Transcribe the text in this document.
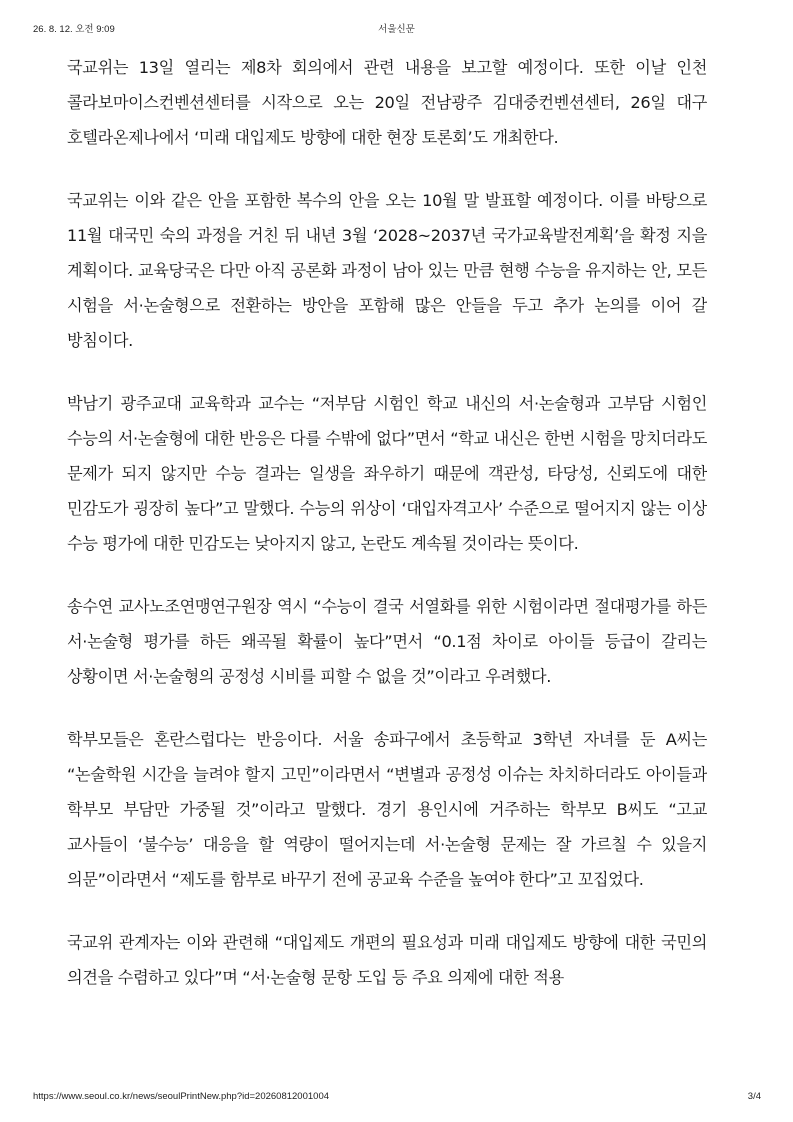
26. 8. 12. 오전 9:09	서울신문

국교위는 13일 열리는 제8차 회의에서 관련 내용을 보고할 예정이다. 또한 이날 인천 콜라보마이스컨벤션센터를 시작으로 오는 20일 전남광주 김대중컨벤션센터, 26일 대구 호텔라온제나에서 ‘미래 대입제도 방향에 대한 현장 토론회’도 개최한다.

국교위는 이와 같은 안을 포함한 복수의 안을 오는 10월 말 발표할 예정이다. 이를 바탕으로 11월 대국민 숙의 과정을 거친 뒤 내년 3월 ‘2028~2037년 국가교육발전계획’을 확정 지을 계획이다. 교육당국은 다만 아직 공론화 과정이 남아 있는 만큼 현행 수능을 유지하는 안, 모든 시험을 서·논술형으로 전환하는 방안을 포함해 많은 안들을 두고 추가 논의를 이어 갈 방침이다.

박남기 광주교대 교육학과 교수는 “저부담 시험인 학교 내신의 서·논술형과 고부담 시험인 수능의 서·논술형에 대한 반응은 다를 수밖에 없다”면서 “학교 내신은 한번 시험을 망치더라도 문제가 되지 않지만 수능 결과는 일생을 좌우하기 때문에 객관성, 타당성, 신뢰도에 대한 민감도가 굉장히 높다”고 말했다. 수능의 위상이 ‘대입자격고사’ 수준으로 떨어지지 않는 이상 수능 평가에 대한 민감도는 낮아지지 않고, 논란도 계속될 것이라는 뜻이다.

송수연 교사노조연맹연구원장 역시 “수능이 결국 서열화를 위한 시험이라면 절대평가를 하든 서·논술형 평가를 하든 왜곡될 확률이 높다”면서 “0.1점 차이로 아이들 등급이 갈리는 상황이면 서·논술형의 공정성 시비를 피할 수 없을 것”이라고 우려했다.

학부모들은 혼란스럽다는 반응이다. 서울 송파구에서 초등학교 3학년 자녀를 둔 A씨는 “논술학원 시간을 늘려야 할지 고민”이라면서 “변별과 공정성 이슈는 차치하더라도 아이들과 학부모 부담만 가중될 것”이라고 말했다. 경기 용인시에 거주하는 학부모 B씨도 “고교 교사들이 ‘불수능’ 대응을 할 역량이 떨어지는데 서·논술형 문제는 잘 가르칠 수 있을지 의문”이라면서 “제도를 함부로 바꾸기 전에 공교육 수준을 높여야 한다”고 꼬집었다.

국교위 관계자는 이와 관련해 “대입제도 개편의 필요성과 미래 대입제도 방향에 대한 국민의 의견을 수렴하고 있다”며 “서·논술형 문항 도입 등 주요 의제에 대한 적용

https://www.seoul.co.kr/news/seoulPrintNew.php?id=20260812001004	3/4
